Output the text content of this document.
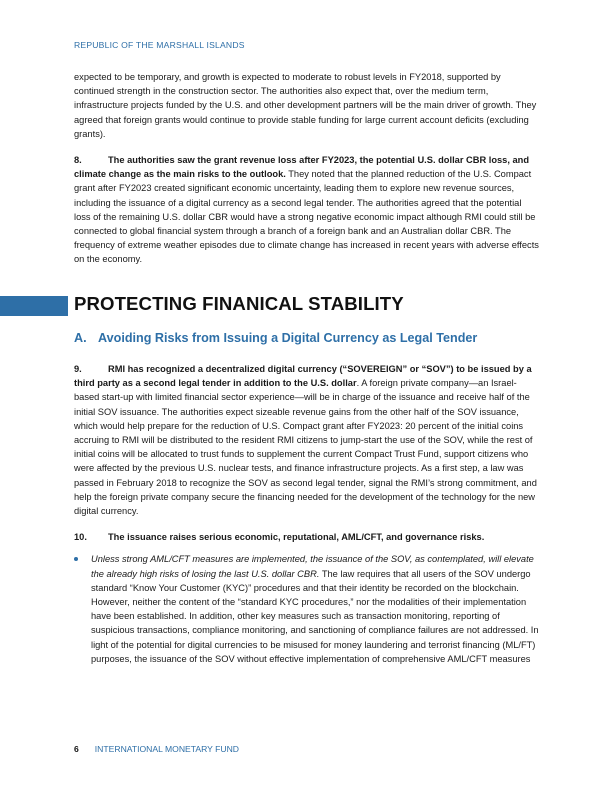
REPUBLIC OF THE MARSHALL ISLANDS

expected to be temporary, and growth is expected to moderate to robust levels in FY2018, supported by continued strength in the construction sector. The authorities also expect that, over the medium term, infrastructure projects funded by the U.S. and other development partners will be the main driver of growth. They agreed that foreign grants would continue to provide stable funding for large current account deficits (excluding grants).

8.	The authorities saw the grant revenue loss after FY2023, the potential U.S. dollar CBR loss, and climate change as the main risks to the outlook. They noted that the planned reduction of the U.S. Compact grant after FY2023 created significant economic uncertainty, leading them to explore new revenue sources, including the issuance of a digital currency as a second legal tender. The authorities agreed that the potential loss of the remaining U.S. dollar CBR would have a strong negative economic impact although RMI could still be connected to global financial system through a branch of a foreign bank and an Australian dollar CBR. The frequency of extreme weather episodes due to climate change has increased in recent years with adverse effects on the economy.

PROTECTING FINANICAL STABILITY
A. Avoiding Risks from Issuing a Digital Currency as Legal Tender

9.	RMI has recognized a decentralized digital currency (“SOVEREIGN” or “SOV”) to be issued by a third party as a second legal tender in addition to the U.S. dollar. A foreign private company—an Israel-based start-up with limited financial sector experience—will be in charge of the issuance and receive half of the initial SOV issuance. The authorities expect sizeable revenue gains from the other half of the SOV issuance, which would help prepare for the reduction of U.S. Compact grant after FY2023: 20 percent of the initial coins accruing to RMI will be distributed to the resident RMI citizens to jump-start the use of the SOV, while the rest of initial coins will be allocated to trust funds to supplement the current Compact Trust Fund, support citizens who were affected by the previous U.S. nuclear tests, and finance infrastructure projects. As a first step, a law was passed in February 2018 to recognize the SOV as second legal tender, signal the RMI’s strong commitment, and help the foreign private company secure the financing needed for the development of the technology for the new digital currency.

10. The issuance raises serious economic, reputational, AML/CFT, and governance risks.

Unless strong AML/CFT measures are implemented, the issuance of the SOV, as contemplated, will elevate the already high risks of losing the last U.S. dollar CBR. The law requires that all users of the SOV undergo standard “Know Your Customer (KYC)” procedures and that their identity be recorded on the blockchain. However, neither the content of the “standard KYC procedures,” nor the modalities of their implementation have been established. In addition, other key measures such as transaction monitoring, reporting of suspicious transactions, compliance monitoring, and sanctioning of compliance failures are not addressed. In light of the potential for digital currencies to be misused for money laundering and terrorist financing (ML/FT) purposes, the issuance of the SOV without effective implementation of comprehensive AML/CFT measures

6 INTERNATIONAL MONETARY FUND
